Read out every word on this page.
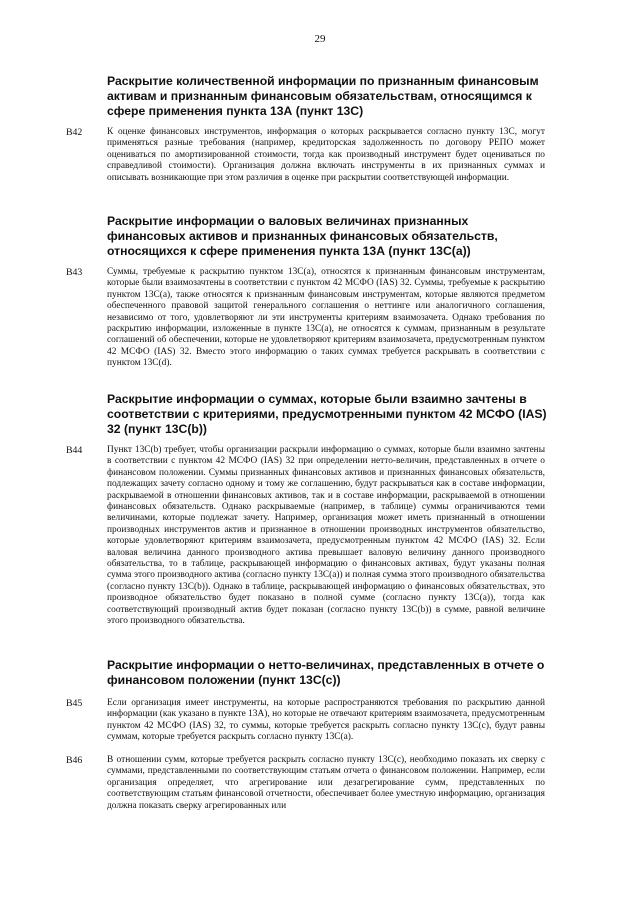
29
Раскрытие количественной информации по признанным финансовым активам и признанным финансовым обязательствам, относящимся к сфере применения пункта 13А (пункт 13С)
B42	К оценке финансовых инструментов, информация о которых раскрывается согласно пункту 13С, могут применяться разные требования (например, кредиторская задолженность по договору РЕПО может оцениваться по амортизированной стоимости, тогда как производный инструмент будет оцениваться по справедливой стоимости). Организация должна включать инструменты в их признанных суммах и описывать возникающие при этом различия в оценке при раскрытии соответствующей информации.

Раскрытие информации о валовых величинах признанных финансовых активов и признанных финансовых обязательств, относящихся к сфере применения пункта 13А (пункт 13С(а))
B43	Суммы, требуемые к раскрытию пунктом 13С(а), относятся к признанным финансовым инструментам, которые были взаимозачтены в соответствии с пунктом 42 МСФО (IAS) 32. Суммы, требуемые к раскрытию пунктом 13С(а), также относятся к признанным финансовым инструментам, которые являются предметом обеспеченного правовой защитой генерального соглашения о неттинге или аналогичного соглашения, независимо от того, удовлетворяют ли эти инструменты критериям взаимозачета. Однако требования по раскрытию информации, изложенные в пункте 13С(а), не относятся к суммам, признанным в результате соглашений об обеспечении, которые не удовлетворяют критериям взаимозачета, предусмотренным пунктом 42 МСФО (IAS) 32. Вместо этого информацию о таких суммах требуется раскрывать в соответствии с пунктом 13С(d).

Раскрытие информации о суммах, которые были взаимно зачтены в соответствии с критериями, предусмотренными пунктом 42 МСФО (IAS) 32 (пункт 13С(b))
B44	Пункт 13С(b) требует, чтобы организации раскрыли информацию о суммах, которые были взаимно зачтены в соответствии с пунктом 42 МСФО (IAS) 32 при определении нетто-величин, представленных в отчете о финансовом положении. Суммы признанных финансовых активов и признанных финансовых обязательств, подлежащих зачету согласно одному и тому же соглашению, будут раскрываться как в составе информации, раскрываемой в отношении финансовых активов, так и в составе информации, раскрываемой в отношении финансовых обязательств. Однако раскрываемые (например, в таблице) суммы ограничиваются теми величинами, которые подлежат зачету. Например, организация может иметь признанный в отношении производных инструментов актив и признанное в отношении производных инструментов обязательство, которые удовлетворяют критериям взаимозачета, предусмотренным пунктом 42 МСФО (IAS) 32. Если валовая величина данного производного актива превышает валовую величину данного производного обязательства, то в таблице, раскрывающей информацию о финансовых активах, будут указаны полная сумма этого производного актива (согласно пункту 13С(а)) и полная сумма этого производного обязательства (согласно пункту 13С(b)). Однако в таблице, раскрывающей информацию о финансовых обязательствах, это производное обязательство будет показано в полной сумме (согласно пункту 13С(а)), тогда как соответствующий производный актив будет показан (согласно пункту 13С(b)) в сумме, равной величине этого производного обязательства.

Раскрытие информации о нетто-величинах, представленных в отчете о финансовом положении (пункт 13С(с))
B45	Если организация имеет инструменты, на которые распространяются требования по раскрытию данной информации (как указано в пункте 13А), но которые не отвечают критериям взаимозачета, предусмотренным пунктом 42 МСФО (IAS) 32, то суммы, которые требуется раскрыть согласно пункту 13С(с), будут равны суммам, которые требуется раскрыть согласно пункту 13С(а).

B46	В отношении сумм, которые требуется раскрыть согласно пункту 13С(с), необходимо показать их сверку с суммами, представленными по соответствующим статьям отчета о финансовом положении. Например, если организация определяет, что агрегирование или дезагрегирование сумм, представленных по соответствующим статьям финансовой отчетности, обеспечивает более уместную информацию, организация должна показать сверку агрегированных или
